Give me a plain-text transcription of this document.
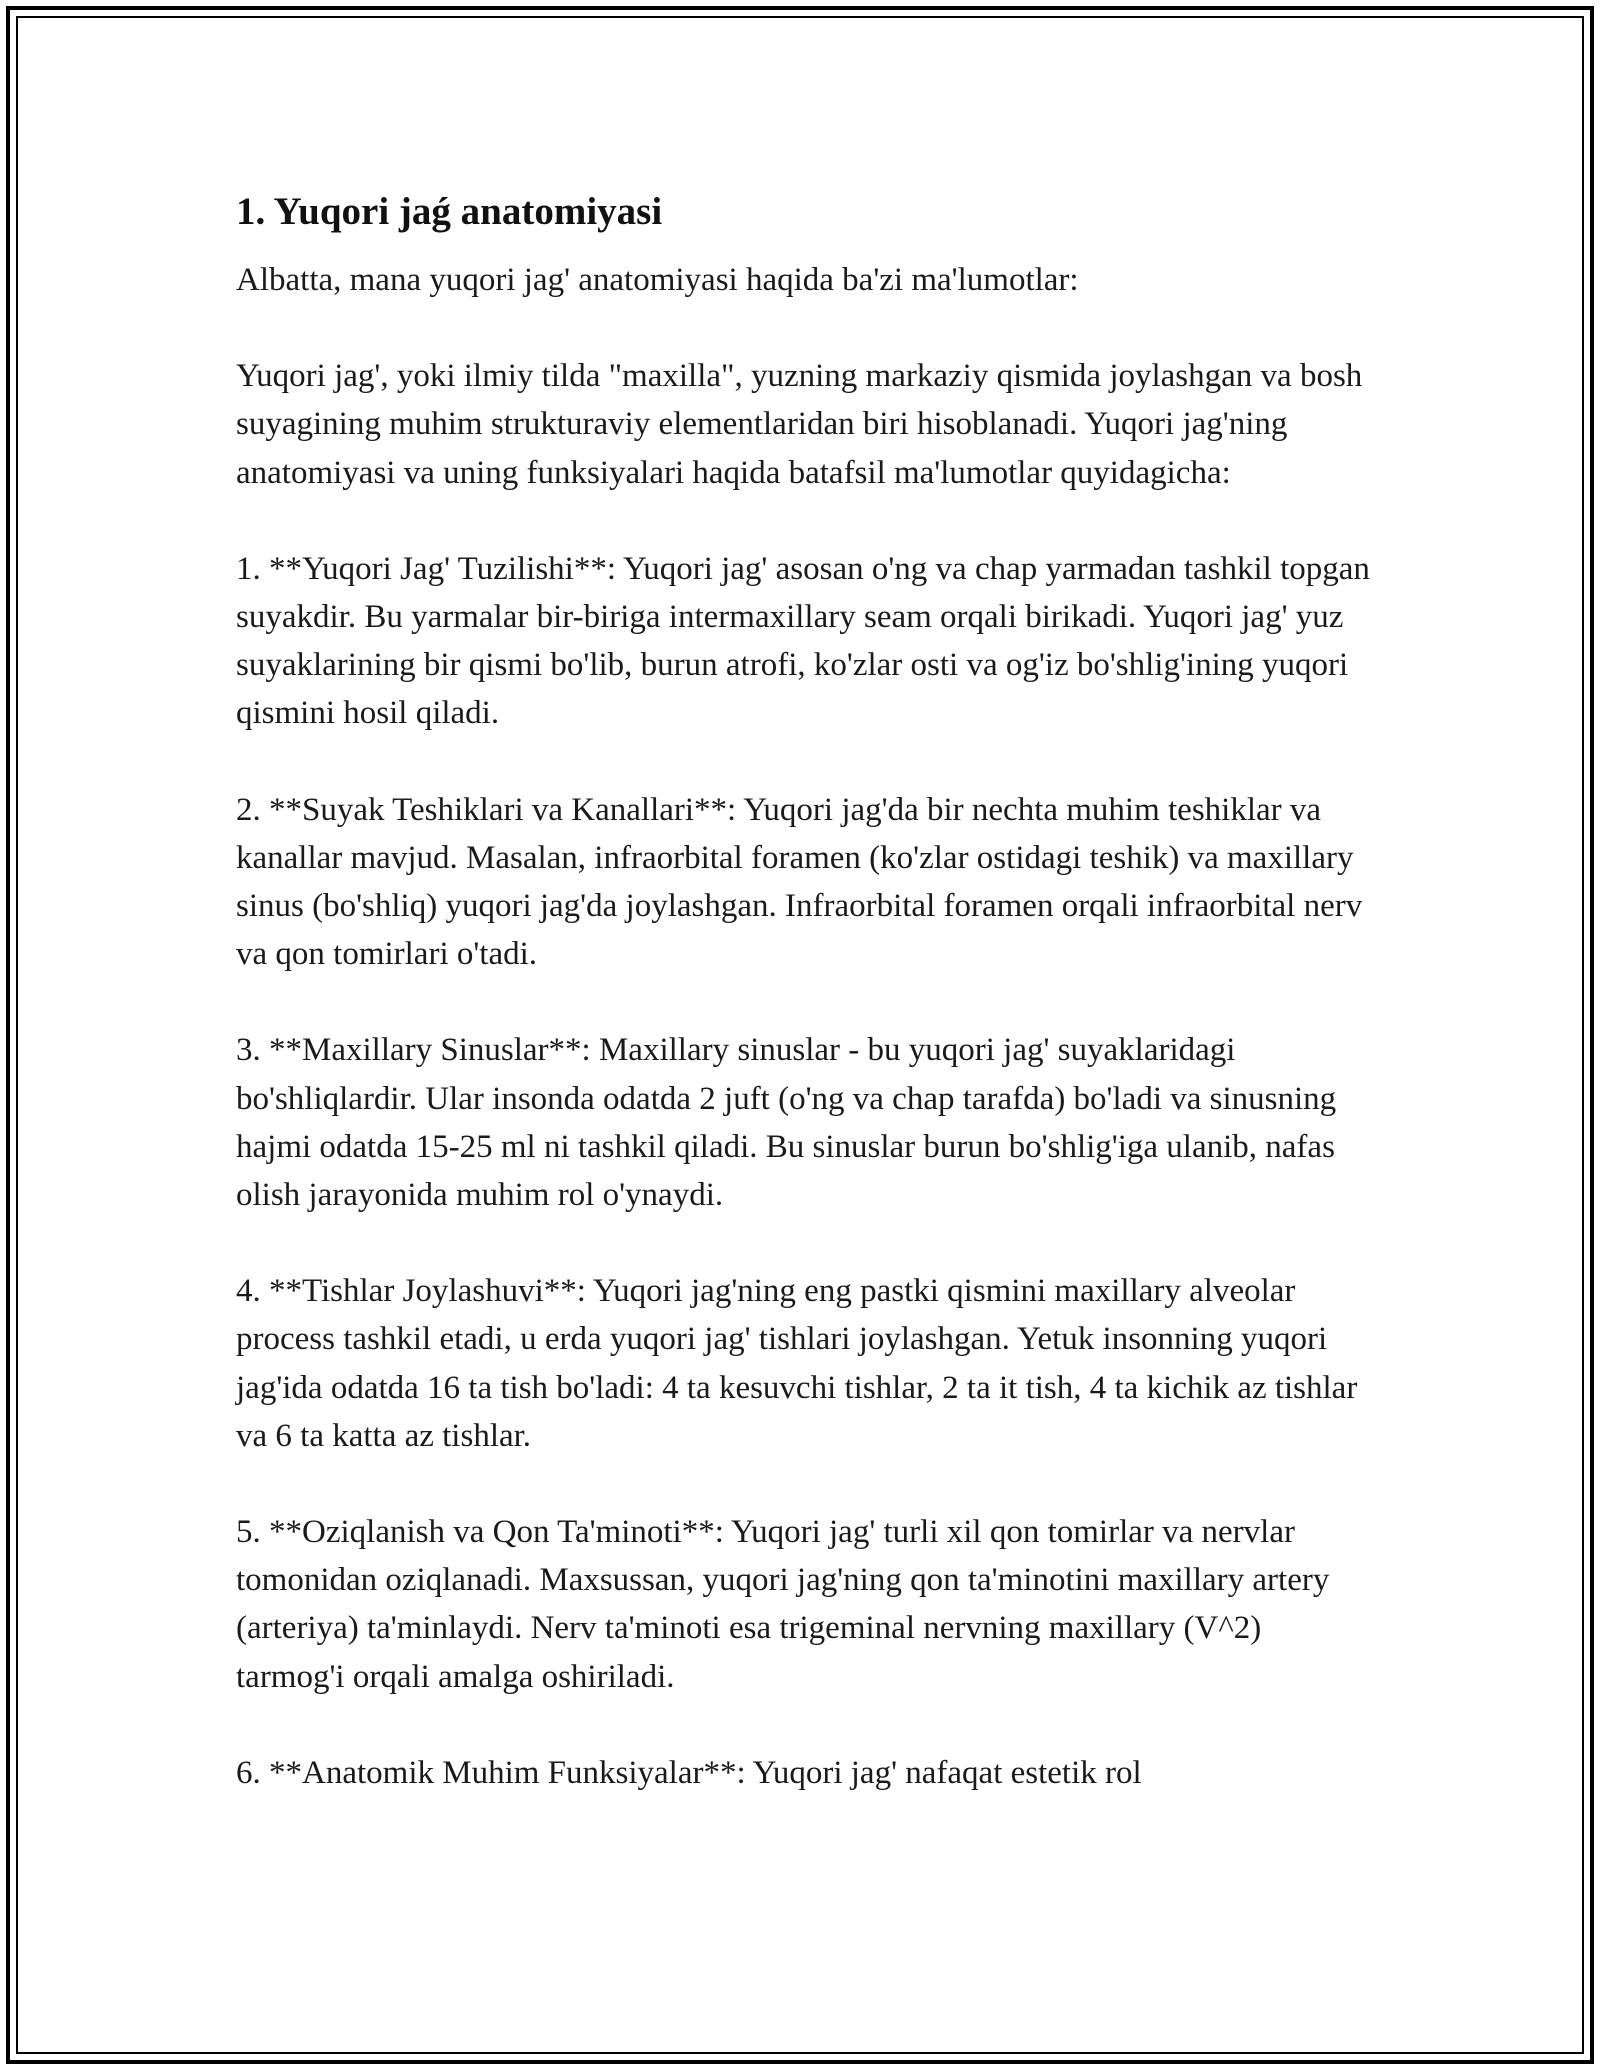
1. Yuqori jaǵ anatomiyasi

Albatta, mana yuqori jag' anatomiyasi haqida ba'zi ma'lumotlar:

Yuqori jag', yoki ilmiy tilda "maxilla", yuzning markaziy qismida joylashgan va bosh suyagining muhim strukturaviy elementlaridan biri hisoblanadi. Yuqori jag'ning anatomiyasi va uning funksiyalari haqida batafsil ma'lumotlar quyidagicha:

1. **Yuqori Jag' Tuzilishi**: Yuqori jag' asosan o'ng va chap yarmadan tashkil topgan suyakdir. Bu yarmalar bir-biriga intermaxillary seam orqali birikadi. Yuqori jag' yuz suyaklarining bir qismi bo'lib, burun atrofi, ko'zlar osti va og'iz bo'shlig'ining yuqori qismini hosil qiladi.

2. **Suyak Teshiklari va Kanallari**: Yuqori jag'da bir nechta muhim teshiklar va kanallar mavjud. Masalan, infraorbital foramen (ko'zlar ostidagi teshik) va maxillary sinus (bo'shliq) yuqori jag'da joylashgan. Infraorbital foramen orqali infraorbital nerv va qon tomirlari o'tadi.

3. **Maxillary Sinuslar**: Maxillary sinuslar - bu yuqori jag' suyaklaridagi bo'shliqlardir. Ular insonda odatda 2 juft (o'ng va chap tarafda) bo'ladi va sinusning hajmi odatda 15-25 ml ni tashkil qiladi. Bu sinuslar burun bo'shlig'iga ulanib, nafas olish jarayonida muhim rol o'ynaydi.

4. **Tishlar Joylashuvi**: Yuqori jag'ning eng pastki qismini maxillary alveolar process tashkil etadi, u erda yuqori jag' tishlari joylashgan. Yetuk insonning yuqori jag'ida odatda 16 ta tish bo'ladi: 4 ta kesuvchi tishlar, 2 ta it tish, 4 ta kichik az tishlar va 6 ta katta az tishlar.

5. **Oziqlanish va Qon Ta'minoti**: Yuqori jag' turli xil qon tomirlar va nervlar tomonidan oziqlanadi. Maxsussan, yuqori jag'ning qon ta'minotini maxillary artery (arteriya) ta'minlaydi. Nerv ta'minoti esa trigeminal nervning maxillary (V^2) tarmog'i orqali amalga oshiriladi.

6. **Anatomik Muhim Funksiyalar**: Yuqori jag' nafaqat estetik rol
